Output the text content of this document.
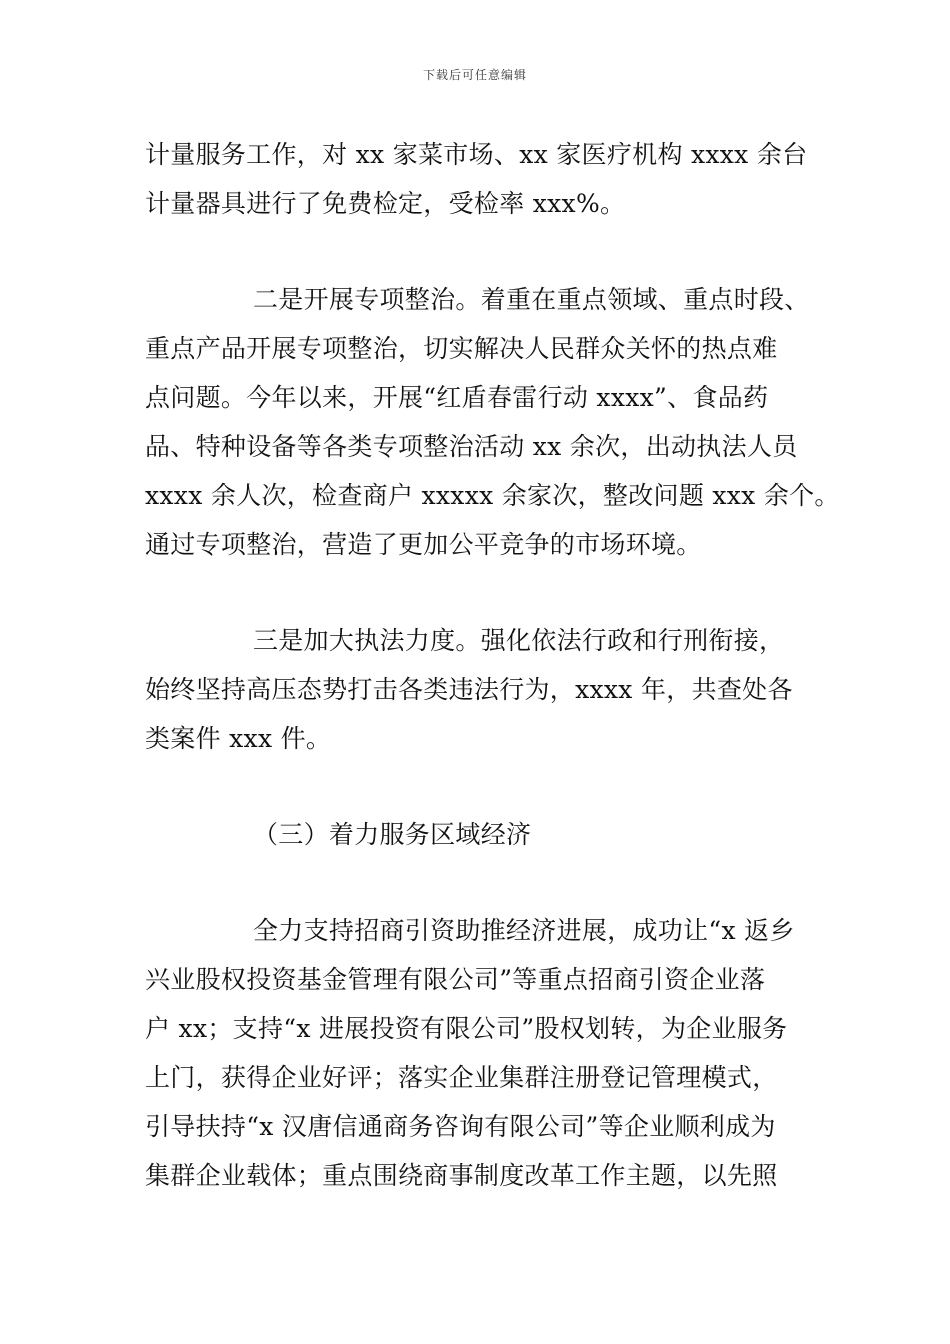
下载后可任意编辑
计量服务工作，对 xx 家菜市场、xx 家医疗机构 xxxx 余台
计量器具进行了免费检定，受检率 xxx%。
二是开展专项整治。着重在重点领域、重点时段、
重点产品开展专项整治，切实解决人民群众关怀的热点难
点问题。今年以来，开展“红盾春雷行动 xxxx”、食品药
品、特种设备等各类专项整治活动 xx 余次，出动执法人员
xxxx 余人次，检查商户 xxxxx 余家次，整改问题 xxx 余个。
通过专项整治，营造了更加公平竞争的市场环境。
三是加大执法力度。强化依法行政和行刑衔接，
始终坚持高压态势打击各类违法行为，xxxx 年，共查处各
类案件 xxx 件。
（三）着力服务区域经济
全力支持招商引资助推经济进展，成功让“x 返乡
兴业股权投资基金管理有限公司”等重点招商引资企业落
户 xx；支持“x 进展投资有限公司”股权划转，为企业服务
上门，获得企业好评；落实企业集群注册登记管理模式，
引导扶持“x 汉唐信通商务咨询有限公司”等企业顺利成为
集群企业载体；重点围绕商事制度改革工作主题，以先照
